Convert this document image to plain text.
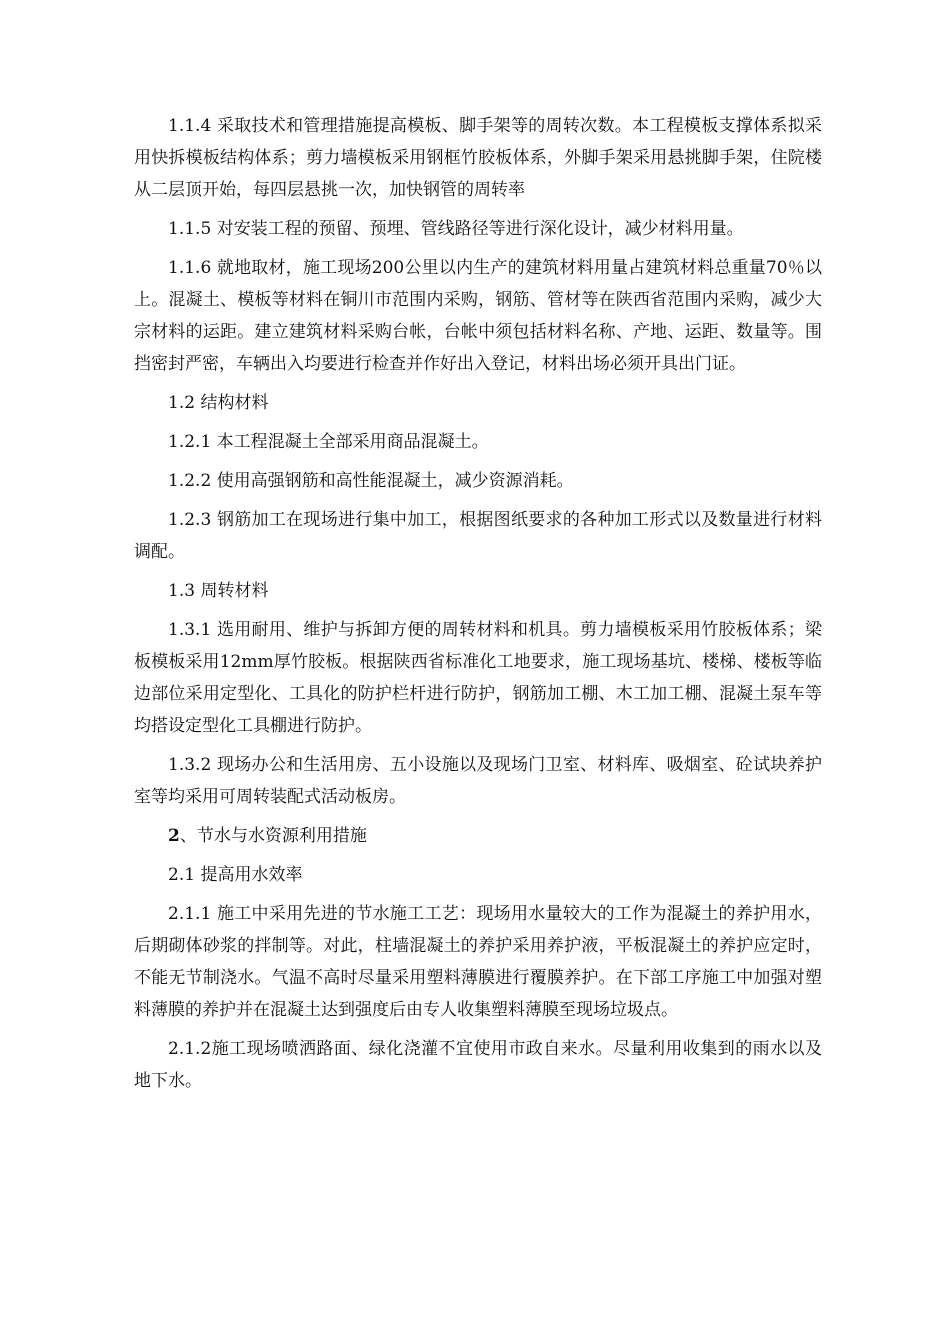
1.1.4 采取技术和管理措施提高模板、脚手架等的周转次数。本工程模板支撑体系拟采用快拆模板结构体系；剪力墙模板采用钢框竹胶板体系，外脚手架采用悬挑脚手架，住院楼从二层顶开始，每四层悬挑一次，加快钢管的周转率

1.1.5 对安装工程的预留、预埋、管线路径等进行深化设计，减少材料用量。

1.1.6 就地取材，施工现场200公里以内生产的建筑材料用量占建筑材料总重量70％以上。混凝土、模板等材料在铜川市范围内采购，钢筋、管材等在陕西省范围内采购，减少大宗材料的运距。建立建筑材料采购台帐，台帐中须包括材料名称、产地、运距、数量等。围挡密封严密，车辆出入均要进行检查并作好出入登记，材料出场必须开具出门证。

1.2 结构材料

1.2.1 本工程混凝土全部采用商品混凝土。

1.2.2 使用高强钢筋和高性能混凝土，减少资源消耗。

1.2.3 钢筋加工在现场进行集中加工，根据图纸要求的各种加工形式以及数量进行材料调配。

1.3 周转材料

1.3.1 选用耐用、维护与拆卸方便的周转材料和机具。剪力墙模板采用竹胶板体系；梁板模板采用12mm厚竹胶板。根据陕西省标准化工地要求，施工现场基坑、楼梯、楼板等临边部位采用定型化、工具化的防护栏杆进行防护，钢筋加工棚、木工加工棚、混凝土泵车等均搭设定型化工具棚进行防护。

1.3.2 现场办公和生活用房、五小设施以及现场门卫室、材料库、吸烟室、砼试块养护室等均采用可周转装配式活动板房。

2、节水与水资源利用措施

2.1 提高用水效率

2.1.1 施工中采用先进的节水施工工艺：现场用水量较大的工作为混凝土的养护用水，后期砌体砂浆的拌制等。对此，柱墙混凝土的养护采用养护液，平板混凝土的养护应定时，不能无节制浇水。气温不高时尽量采用塑料薄膜进行覆膜养护。在下部工序施工中加强对塑料薄膜的养护并在混凝土达到强度后由专人收集塑料薄膜至现场垃圾点。

2.1.2施工现场喷洒路面、绿化浇灌不宜使用市政自来水。尽量利用收集到的雨水以及地下水。
